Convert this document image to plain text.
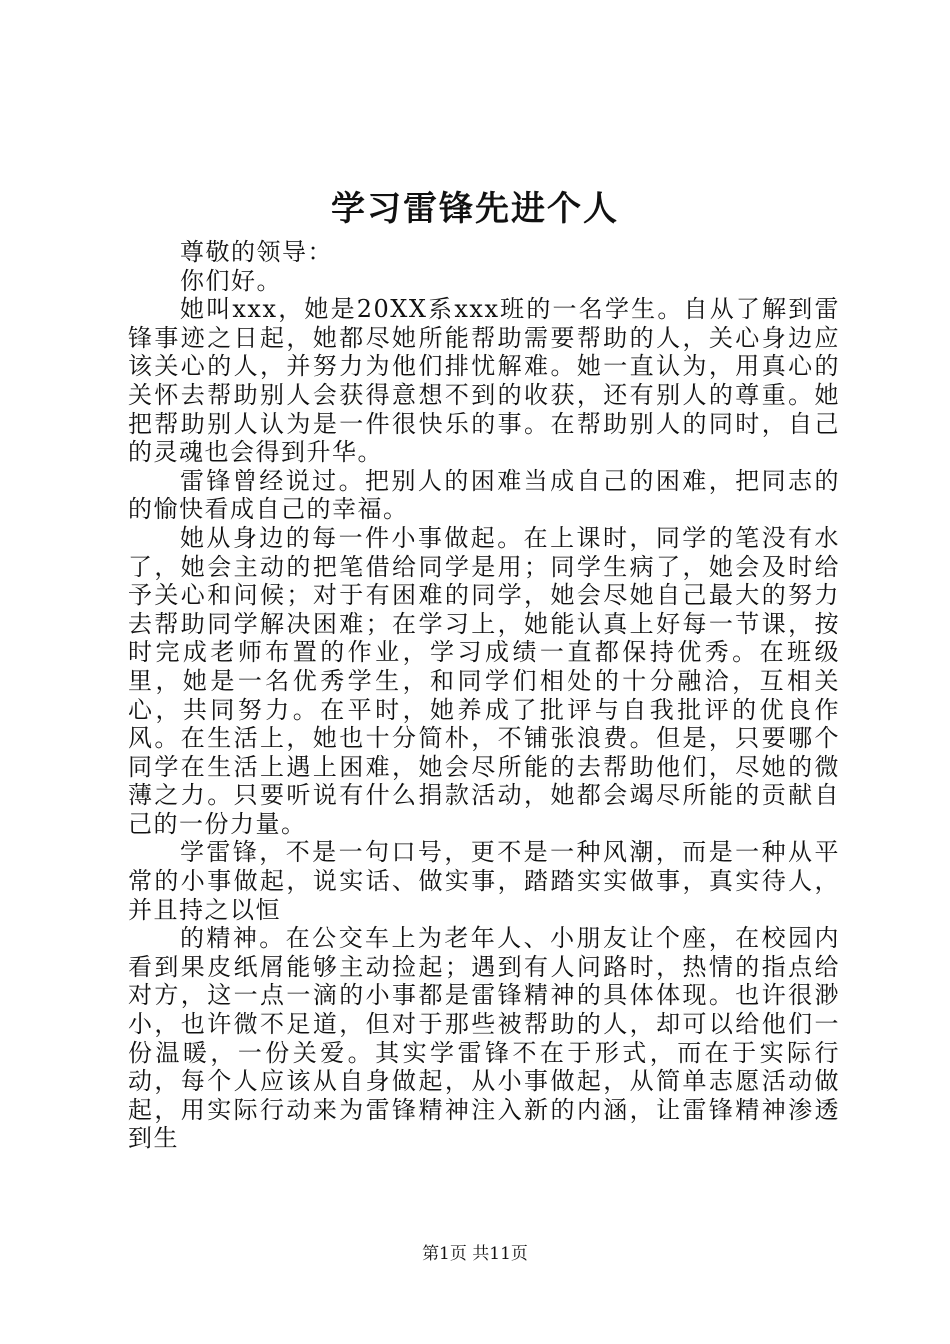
学习雷锋先进个人

尊敬的领导：

你们好。

她叫xxx，她是20XX系xxx班的一名学生。自从了解到雷锋事迹之日起，她都尽她所能帮助需要帮助的人，关心身边应该关心的人，并努力为他们排忧解难。她一直认为，用真心的关怀去帮助别人会获得意想不到的收获，还有别人的尊重。她把帮助别人认为是一件很快乐的事。在帮助别人的同时，自己的灵魂也会得到升华。

雷锋曾经说过。把别人的困难当成自己的困难，把同志的的愉快看成自己的幸福。

她从身边的每一件小事做起。在上课时，同学的笔没有水了，她会主动的把笔借给同学是用；同学生病了，她会及时给予关心和问候；对于有困难的同学，她会尽她自己最大的努力去帮助同学解决困难；在学习上，她能认真上好每一节课，按时完成老师布置的作业，学习成绩一直都保持优秀。在班级里，她是一名优秀学生，和同学们相处的十分融洽，互相关心，共同努力。在平时，她养成了批评与自我批评的优良作风。在生活上，她也十分简朴，不铺张浪费。但是，只要哪个同学在生活上遇上困难，她会尽所能的去帮助他们，尽她的微薄之力。只要听说有什么捐款活动，她都会竭尽所能的贡献自己的一份力量。

学雷锋，不是一句口号，更不是一种风潮，而是一种从平常的小事做起，说实话、做实事，踏踏实实做事，真实待人，并且持之以恒

的精神。在公交车上为老年人、小朋友让个座，在校园内看到果皮纸屑能够主动捡起；遇到有人问路时，热情的指点给对方，这一点一滴的小事都是雷锋精神的具体体现。也许很渺小，也许微不足道，但对于那些被帮助的人，却可以给他们一份温暖，一份关爱。其实学雷锋不在于形式，而在于实际行动，每个人应该从自身做起，从小事做起，从简单志愿活动做起，用实际行动来为雷锋精神注入新的内涵，让雷锋精神渗透到生

第1页 共11页
